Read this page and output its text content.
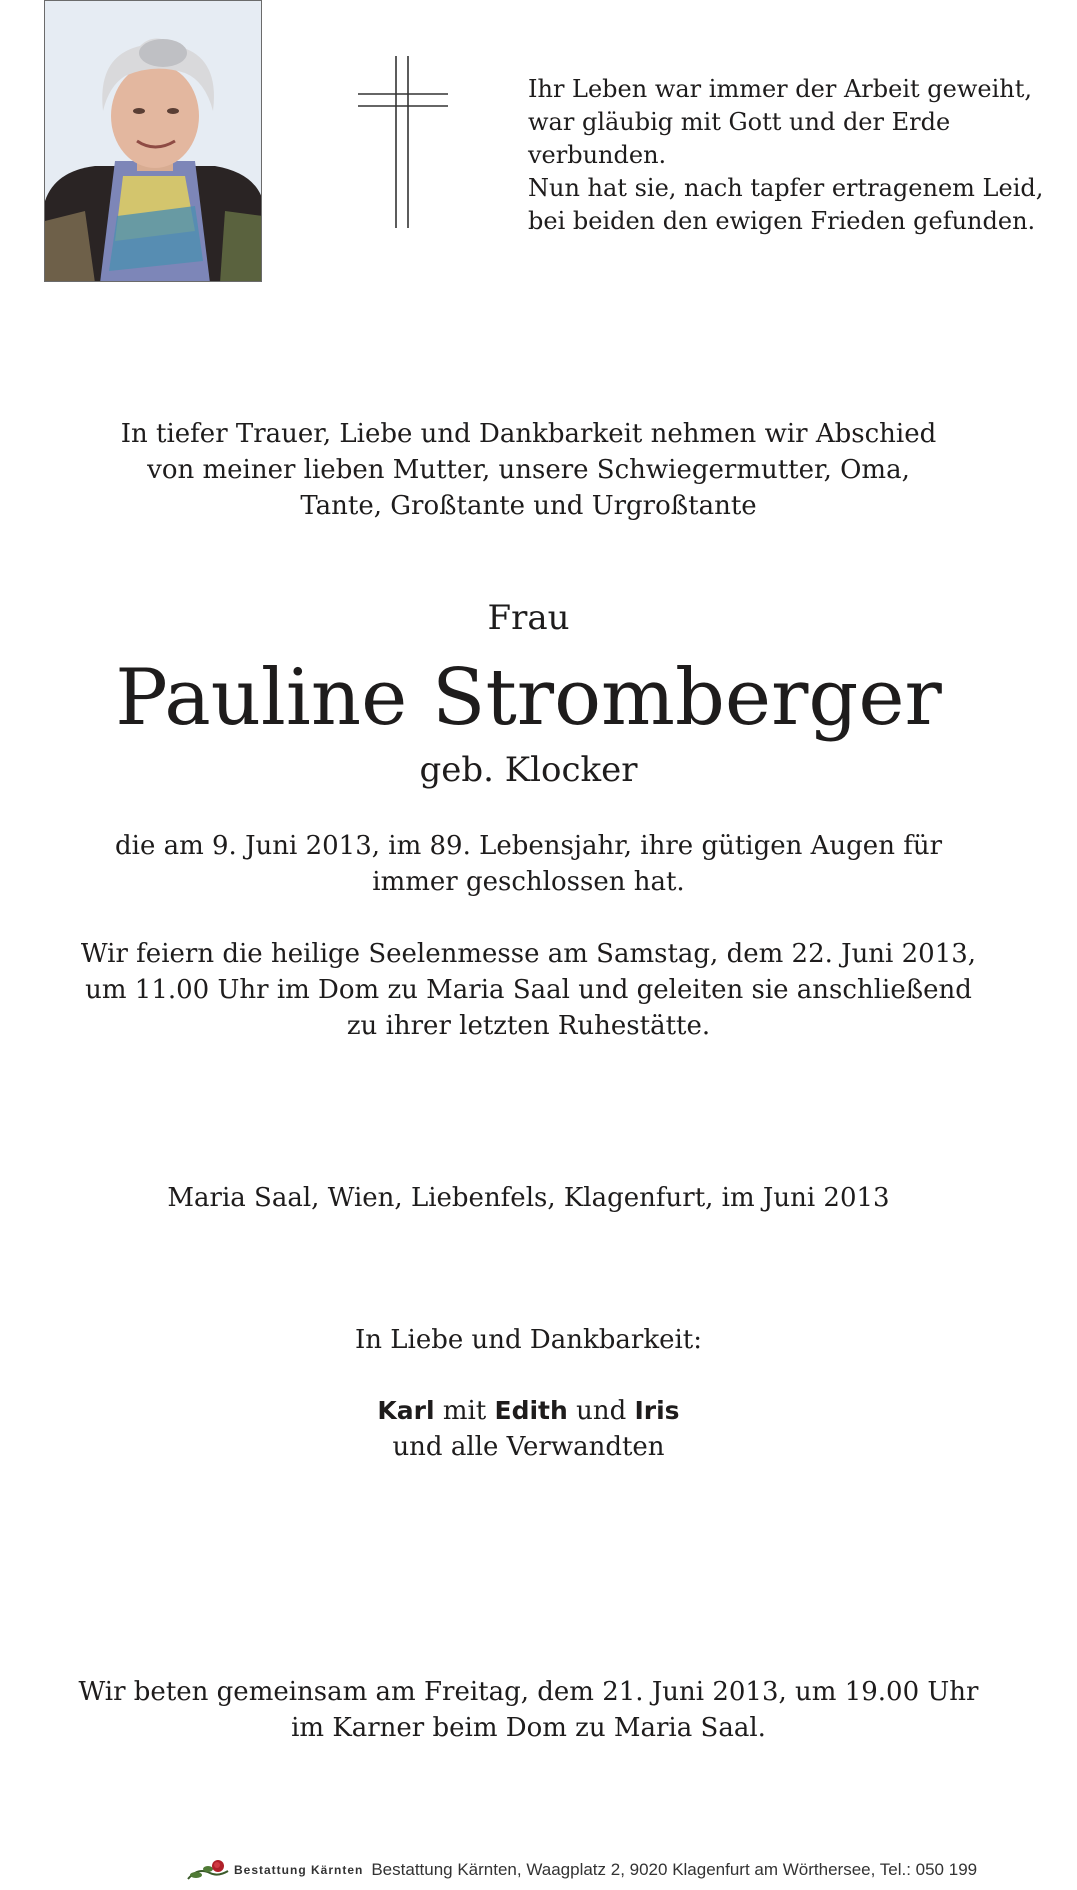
Ihr Leben war immer der Arbeit geweiht,
war gläubig mit Gott und der Erde verbunden.
Nun hat sie, nach tapfer ertragenem Leid,
bei beiden den ewigen Frieden gefunden.
In tiefer Trauer, Liebe und Dankbarkeit nehmen wir Abschied
von meiner lieben Mutter, unsere Schwiegermutter, Oma,
Tante, Großtante und Urgroßtante
Frau
Pauline Stromberger
geb. Klocker
die am 9. Juni 2013, im 89. Lebensjahr, ihre gütigen Augen für
immer geschlossen hat.
Wir feiern die heilige Seelenmesse am Samstag, dem 22. Juni 2013,
um 11.00 Uhr im Dom zu Maria Saal und geleiten sie anschließend
zu ihrer letzten Ruhestätte.
Maria Saal, Wien, Liebenfels, Klagenfurt, im Juni 2013
In Liebe und Dankbarkeit:
Karl mit Edith und Iris
und alle Verwandten
Wir beten gemeinsam am Freitag, dem 21. Juni 2013, um 19.00 Uhr
im Karner beim Dom zu Maria Saal.
Bestattung Kärnten Bestattung Kärnten, Waagplatz 2, 9020 Klagenfurt am Wörthersee, Tel.: 050 199
